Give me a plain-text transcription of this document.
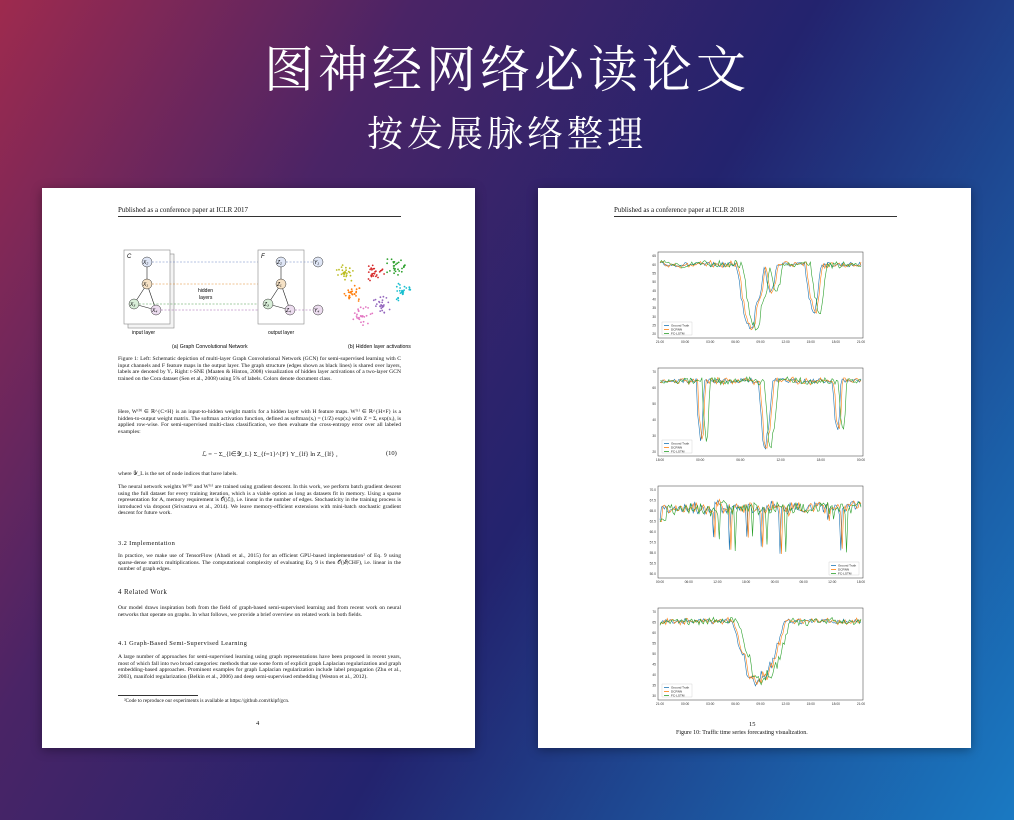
图神经网络必读论文
按发展脉络整理
Published as a conference paper at ICLR 2017
C
X₂
X₁
X₃
X₄
input layer
hidden
layers
F
Z₂
Z₁
Z₃
Z₄
Y₁
Y₄
output layer
(a) Graph Convolutional Network	(b) Hidden layer activations
Figure 1: Left: Schematic depiction of multi-layer Graph Convolutional Network (GCN) for semi-supervised learning with C input channels and F feature maps in the output layer. The graph structure (edges shown as black lines) is shared over layers, labels are denoted by Yᵢ. Right: t-SNE (Maaten & Hinton, 2008) visualization of hidden layer activations of a two-layer GCN trained on the Cora dataset (Sen et al., 2008) using 5% of labels. Colors denote document class.
Here, W⁽⁰⁾ ∈ ℝ^{C×H} is an input-to-hidden weight matrix for a hidden layer with H feature maps. W⁽¹⁾ ∈ ℝ^{H×F} is a hidden-to-output weight matrix. The softmax activation function, defined as softmax(xᵢ) = (1/Z) exp(xᵢ) with Z = Σᵢ exp(xᵢ), is applied row-wise. For semi-supervised multi-class classification, we then evaluate the cross-entropy error over all labeled examples:
ℒ = − Σ_{l∈𝒴_L} Σ_{f=1}^{F} Y_{lf} ln Z_{lf} ,	(10)
where 𝒴_L is the set of node indices that have labels.
The neural network weights W⁽⁰⁾ and W⁽¹⁾ are trained using gradient descent. In this work, we perform batch gradient descent using the full dataset for every training iteration, which is a viable option as long as datasets fit in memory. Using a sparse representation for A, memory requirement is 𝒪(|ℰ|), i.e. linear in the number of edges. Stochasticity in the training process is introduced via dropout (Srivastava et al., 2014). We leave memory-efficient extensions with mini-batch stochastic gradient descent for future work.
3.2 Implementation
In practice, we make use of TensorFlow (Abadi et al., 2015) for an efficient GPU-based implementation² of Eq. 9 using sparse-dense matrix multiplications. The computational complexity of evaluating Eq. 9 is then 𝒪(|ℰ|CHF), i.e. linear in the number of graph edges.
4 Related Work
Our model draws inspiration both from the field of graph-based semi-supervised learning and from recent work on neural networks that operate on graphs. In what follows, we provide a brief overview on related work in both fields.
4.1 Graph-Based Semi-Supervised Learning
A large number of approaches for semi-supervised learning using graph representations have been proposed in recent years, most of which fall into two broad categories: methods that use some form of explicit graph Laplacian regularization and graph embedding-based approaches. Prominent examples for graph Laplacian regularization include label propagation (Zhu et al., 2003), manifold regularization (Belkin et al., 2006) and deep semi-supervised embedding (Weston et al., 2012).
²Code to reproduce our experiments is available at https://github.com/tkipf/gcn.
4
Published as a conference paper at ICLR 2018
65
60
55
50
45
40
35
30
25
20
21:00	00:00	03:00	06:00	09:00	12:00	15:00	18:00	21:00
Ground Truth
DCRNN
FC-LSTM
70
60
50
40
30
20
18:00	00:00	06:00	12:00	18:00	00:00
Ground Truth
DCRNN
FC-LSTM
70.0
67.5
65.0
62.5
60.0
57.5
55.0
52.5
50.0
00:00	06:00	12:00	18:00	00:00	06:00	12:00	18:00
Ground Truth
DCRNN
FC-LSTM
70
65
60
55
50
45
40
35
30
21:00	00:00	03:00	06:00	09:00	12:00	15:00	18:00	21:00
Ground Truth
DCRNN
FC-LSTM
15
Figure 10: Traffic time series forecasting visualization.
